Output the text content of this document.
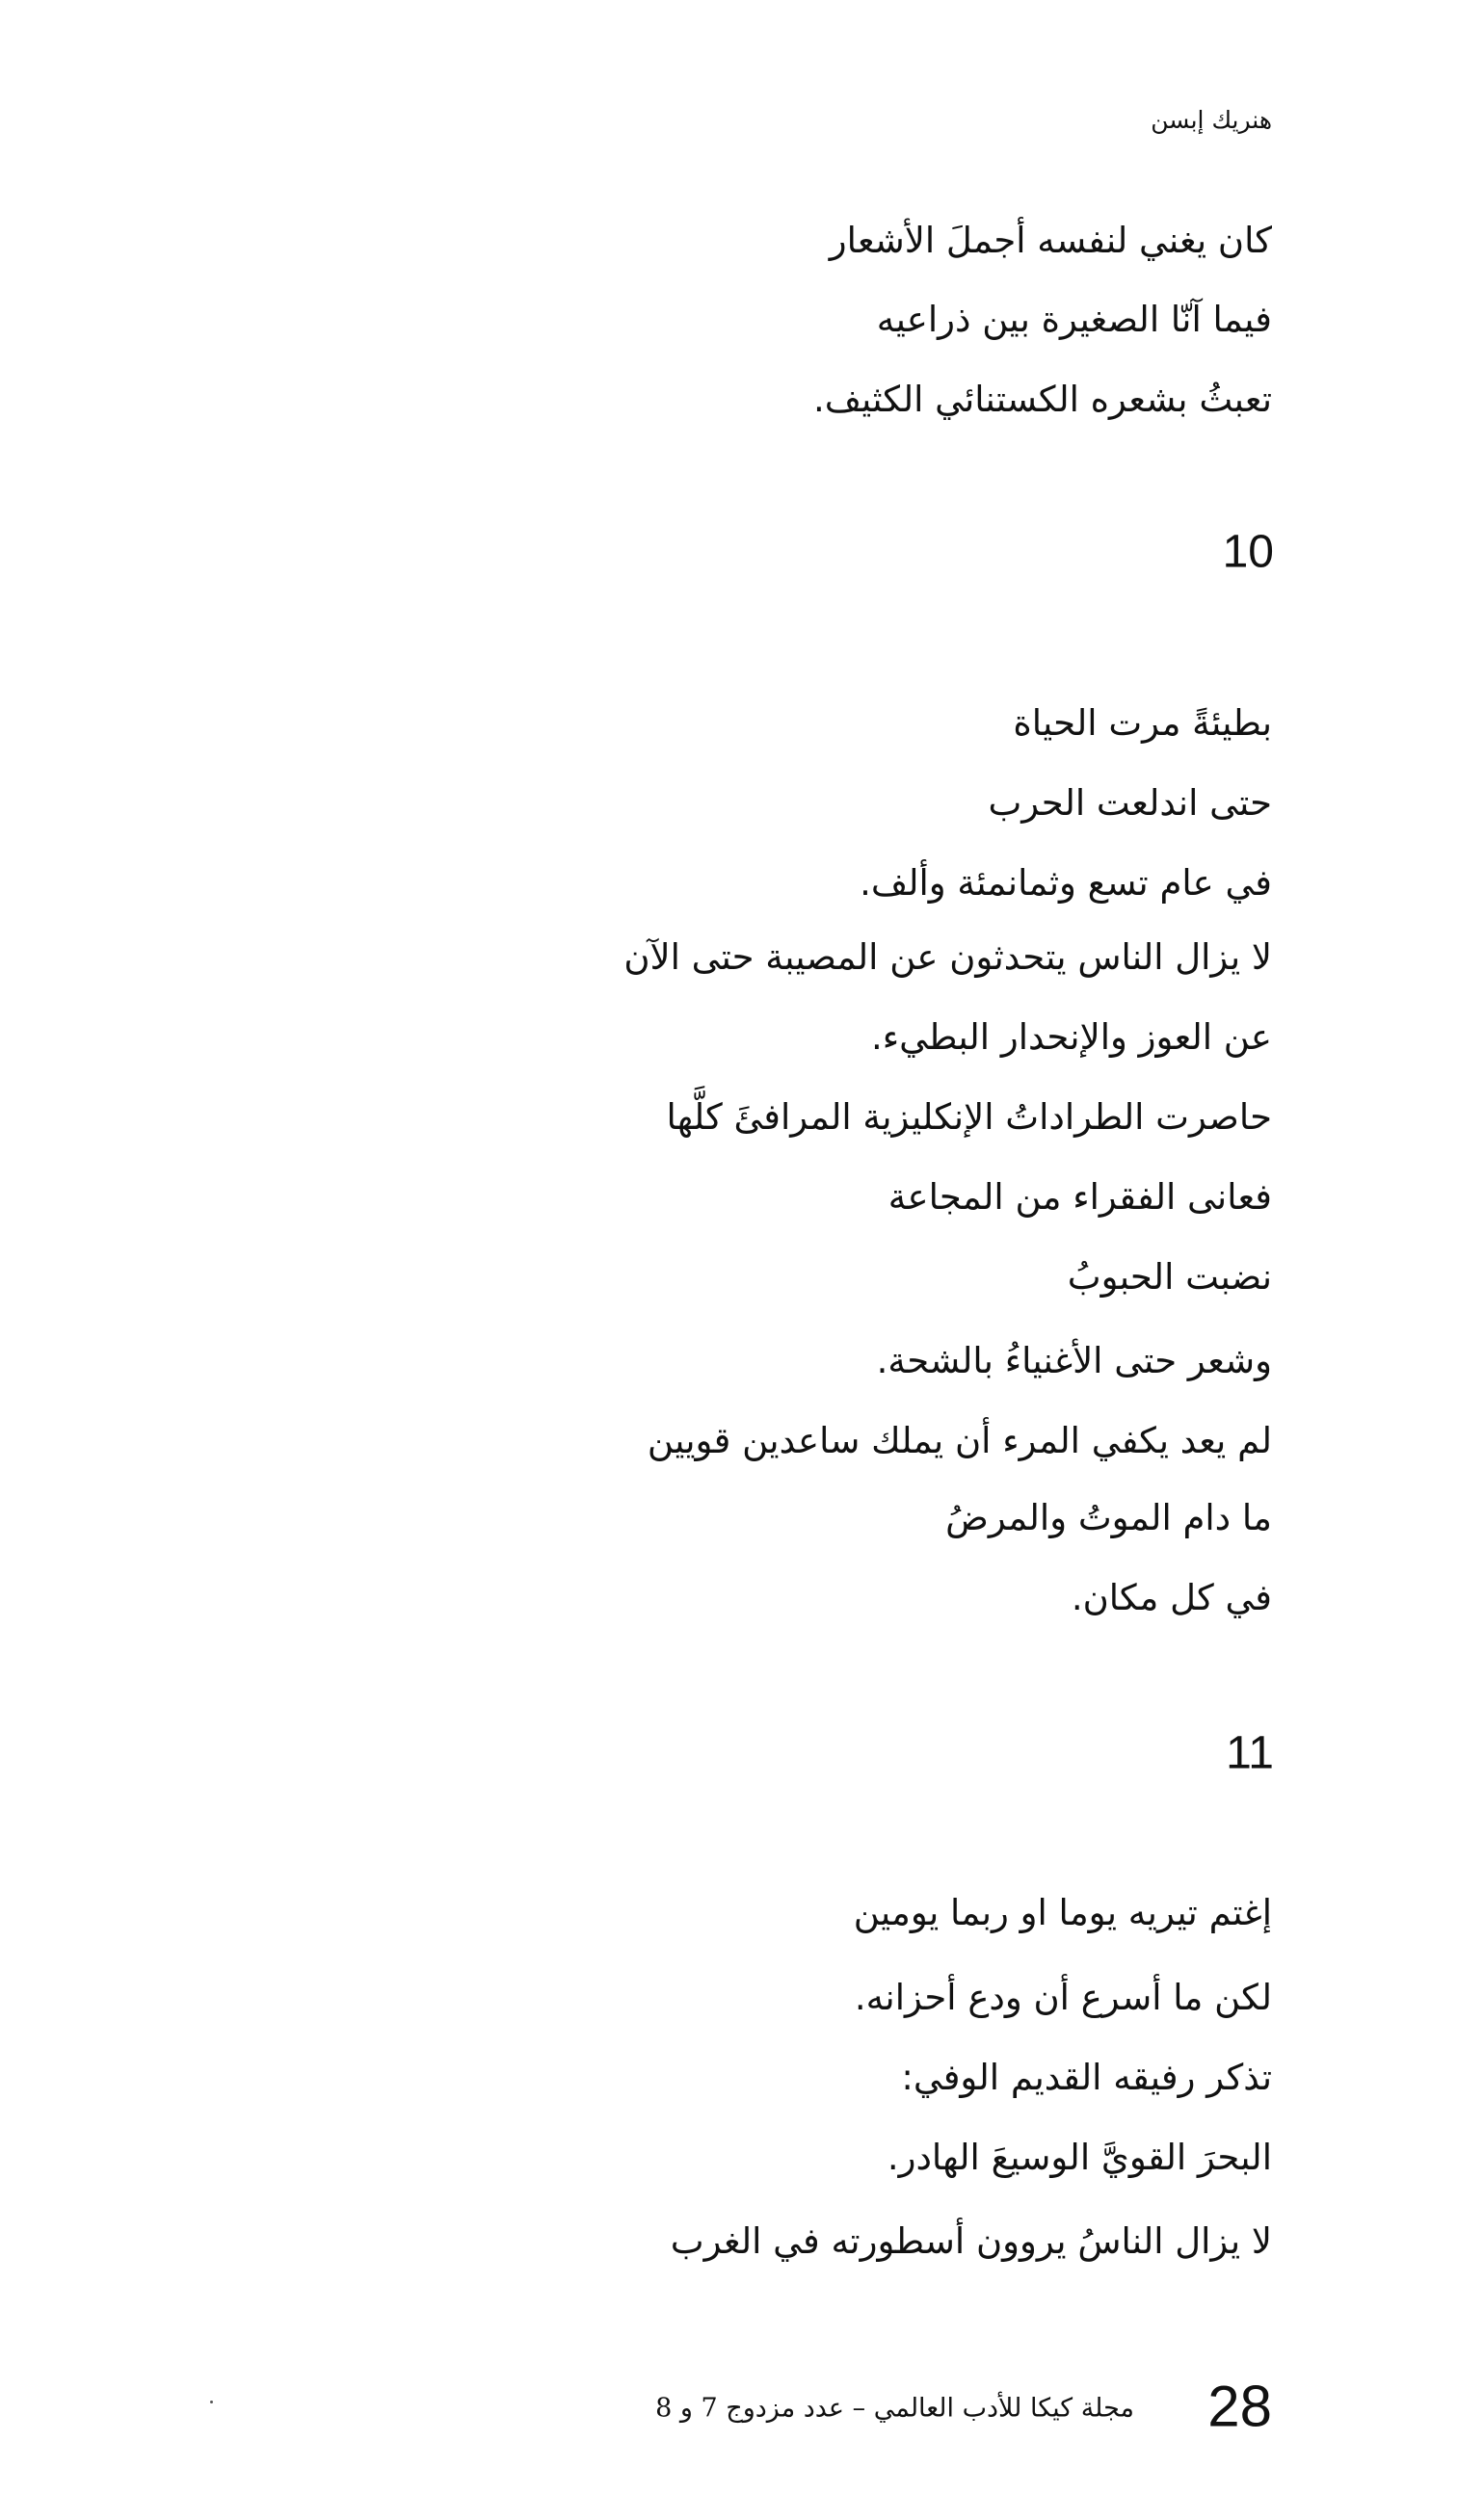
هنريك إبسن
كان يغني لنفسه أجملَ الأشعار
فيما آنّا الصغيرة بين ذراعيه
تعبثُ بشعره الكستنائي الكثيف.
10
بطيئةً مرت الحياة
حتى اندلعت الحرب
في عام تسع وثمانمئة وألف.
لا يزال الناس يتحدثون عن المصيبة حتى الآن
عن العوز والإنحدار البطيء.
حاصرت الطراداتُ الإنكليزية المرافئَ كلَّها
فعانى الفقراء من المجاعة
نضبت الحبوبُ
وشعر حتى الأغنياءُ بالشحة.
لم يعد يكفي المرء أن يملك ساعدين قويين
ما دام الموتُ والمرضُ
في كل مكان.
11
إغتم تيريه يوما او ربما يومين
لكن ما أسرع أن ودع أحزانه.
تذكر رفيقه القديم الوفي:
البحرَ القويَّ الوسيعَ الهادر.
لا يزال الناسُ يروون أسطورته في الغرب
28
مجلة كيكا للأدب العالمي – عدد مزدوج 7 و 8
